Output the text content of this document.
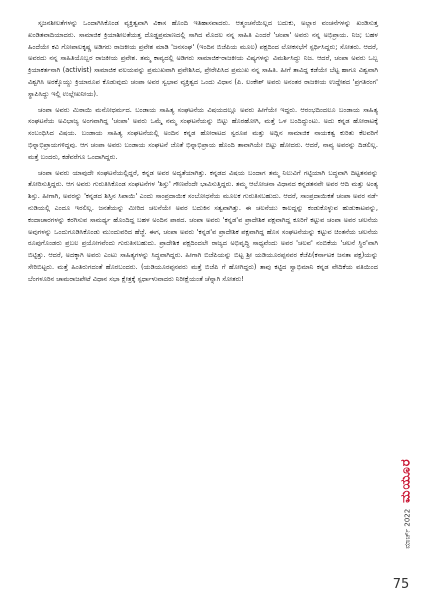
ಸೃಜನಶೀಲತೆಗಳನ್ನು ಒಂದಾಗಿಸಿಕೊಂಡ ವ್ಯಕ್ತಿತ್ವವಾಗಿ ವಿಕಾಸ ಹೊಂದಿ ಇತಿಹಾಸವಾದರು. ಆತ್ಮಂಚನೆಯಿಲ್ಲದ ಬದುಕು, ಅಲ್ಲಾರ ವಂಚನೆಗಳನ್ನು ಖಂಡಿಸುತ್ತ ಖಂಡಿತವಾದಿಯಾದರು. ಸಾಮಾಜಿಕ ಕ್ರಿಯಾಶೀಲತೆಯತ್ತ ದೊಡ್ಡಪ್ರಮಾಣದಲ್ಲಿ ಸಾಗಿದ ಮೊದಲ ನನ್ನ ಸಾಹಿತಿ ಎಂದರೆ 'ಚಂಪಾ' ಅವರು ನನ್ನ ಅಭಿಪ್ರಾಯ. ನಿಜ; ಬಹಳ ಹಿಂದೆಯೇ ಕವಿ ಗೋಪಾಲಕೃಷ್ಣ ಅಡಿಗರು ರಾಜಕೀಯ ಪ್ರವೇಶ ಮಾಡಿ 'ಜನಸಂಘ' (ಇಂದಿನ ಬಿಜೆಪಿಯ ಮೂಲ) ಪಕ್ಷದಿಂದ ಲೋಕಸಭೆಗೆ ಸ್ಪರ್ಧಿಸಿದ್ದರು; ಸೋತರು. ಆದರೆ, ಅವರದು ನನ್ನ ಸಾಹಿತಿಯೊಬ್ಬರ ರಾಜಕೀಯ ಪ್ರವೇಶ. ತಮ್ಮ ಕಾವ್ಯದಲ್ಲಿ ಅಡಿಗರು ಸಾಮಾಜಿಕ-ರಾಜಕೀಯ ವಿಷ್ಯಗಳನ್ನು ವಿಮರ್ಶಿಸಿದ್ದು ನಿಜ. ಆದರೆ, ಚಂಪಾ ಅವರು ಒಬ್ಬ ಕ್ರಿಯಾಕರ್ತನಾಗಿ (activist) ಸಾಮಾಜಿಕ ವಲಯವನ್ನು ಪ್ರಮುಖವಾಗಿ ಪ್ರವೇಶಿಸಿದ, ಪ್ರೇರೇಪಿಸಿದ ಪ್ರಮುಖ ನನ್ನ ಸಾಹಿತಿ. ಹೀಗೆ ತಾವಿದ್ದ ಕಡೆಯೇ ಬೆಟ್ಟ ಹಾಗೂ ವಿಶ್ವವಾಗಿ ವಿಶ್ವಗಿಸಿ ಅರಕ್ಕೊಯ್ದು ಕ್ರಿಯಾರೂಪ ಕೊಡುವುದು ಚಂಪಾ ಅವರ ಸ್ವಭಾವ ವ್ಯಕ್ತಿತ್ವದ ಒಂದು ವಿಧಾನ (ಪಿ. ಲಂಕೇಶ್ ಅವರು ಅನಂತರ ರಾಜಕೀಯ ಉದ್ದೇಶದ 'ಪ್ರಗತಿರಂಗ' ಸ್ಥಾಪಿಸಿದ್ದು ಇಲ್ಲಿ ಉಲ್ಲೇಖನೀಯ).

ಚಂಪಾ ಅವರು ಮಿಠಾಯಿ ಮನೋಧರ್ಮದ. ಬಂಡಾಯ ಸಾಹಿತ್ಯ ಸಂಘಟನೆಯ ವಿಷಯದಲ್ಲೂ ಅವರು ಹೀಗೆಯೇ ಇದ್ದರು. ಆರಂಭದಿಂದಲೂ ಬಂಡಾಯ ಸಾಹಿತ್ಯ ಸಂಘಟನೆಯ ಅವಿಭಾಜ್ಯ ಅಂಗವಾಗಿದ್ದ 'ಚಂಪಾ' ಅವರು ಒಮ್ಮೆ ನಮ್ಮ ಸಂಘಟನೆಯನ್ನು ಬಿಟ್ಟು ಹೊರಹೋಗಿ, ಮತ್ತೆ ಒಳ ಬಂದಿದ್ದುಂಟು. ಅದು ಕನ್ನಡ ಹೋರಾಟಕ್ಕೆ ಸಂಬಂಧಿಸಿದ ವಿಷಯ. ಬಂಡಾಯ ಸಾಹಿತ್ಯ ಸಂಘಟನೆಯಲ್ಲಿ ಅಂದಿನ ಕನ್ನಡ ಹೋರಾಟದ ಸ್ವರೂಪ ಮತ್ತು ಅದ್ಲಿನ ಸಾಮಾಜಿಕ ನಾಯಕತ್ವ ಕುರಿತು ಕೆಲವರಿಗೆ ಭಿನ್ನಾಭಿಪ್ರಾಯಗಳಿದ್ದವು. ಆಗ ಚಂಪಾ ಅವರು ಬಂಡಾಯ ಸಂಘಟನೆ ಜೊತೆ ಭಿನ್ನಾಭಿಪ್ರಾಯ ಹೊಂದಿ ತಾವಾಗಿಯೇ ಬಿಟ್ಟು ಹೋದರು. ಆದರೆ, ನಾವ್ಯ ಅವರನ್ನು ದಿಡಲಿಲ್ಲ. ಮತ್ತೆ ಬಂದರು, ಕಡೆವರೆಗೂ ಒಂದಾಗಿದ್ದರು.

ಚಂಪಾ ಅವರು ಯಾವುದೇ ಸಂಘಟನೆಯಲ್ಲಿದ್ದರೆ, ಕನ್ನಡ ಅವರ ಅದ್ಯತೆಯಾಗಿತ್ತು. ಕನ್ನಡದ ವಿಷಯ ಬಂದಾಗ ತಮ್ಮ ನಿಲುವಿಗೆ ಗಟ್ಟಿಯಾಗಿ ಬದ್ಧವಾಗಿ ದಿಟ್ಟತನವನ್ನು ತೋರಿಸುತ್ತಿದ್ದರು. ಆಗ ಅವರು ಗುರುತಿಸಿಕೊಂಡ ಸಂಘಟನೆಗಳ 'ಶಿಸ್ತು' ಗೌಣವೆಂದೇ ಭಾವಿಸುತ್ತಿದ್ದರು. ತಮ್ಮ ಆಲೋಚನಾ ವಿಧಾನದ ಕನ್ನಡತನವೇ ಅವರ ಆದಿ ಮತ್ತು ಅಂತ್ಯ ಶಿಸ್ತು. ಹೀಗಾಗಿ, ಅವರನ್ನು 'ಕನ್ನಡದ ಶಿಸ್ತಿನ ಸಿಪಾಯಿ' ಎಂದು ಸಾಂಪ್ರದಾಯಿಕ ಸಂಬೋಧನೆಯ ಮೂಲಕ ಗುರುತಿಸಬಹುದು. ಆದರೆ, ಸಾಂಪ್ರದಾಯಿಕತೆ ಚಂಪಾ ಅವರ ನಡೆ-ನುಡಿಯಲ್ಲಿ ಎಂದೂ ಇರಲಿಲ್ಲ. ಜನತೆಯನ್ನು ಮೀರಿದ ಚಲನೆಯೇ ಅವರ ಬದುಕಿನ ಸತ್ವವಾಗಿತ್ತು. ಈ ಚಲನೆಯು ಕಾಲದ್ದನ್ನು ಕಂಡುಕೊಳ್ಳುವ ಹುಡುಕಾಟವನ್ನು, ಕಂದಾಚಾರಗಳನ್ನು ಕರಗಿಸುವ ಸಾಮರ್ಥ್ಯ ಹೊಂದಿದ್ದ ಬಹಳ ಅಂದಿನ ಪಾಠದ. ಚಂಪಾ ಅವರು 'ಕನ್ನಡ'ವ ಪ್ರಾದೇಶಿಕ ಪಕ್ಷವಾಗಿದ್ದ ಕೂರಿಗೆ ಕಟ್ಟುವ ಚಂಪಾ ಅವರ ಚಲನೆಯ ಅವುಗಳನ್ನು ಒಂದುಗೂಡಿಸಿಕೊಂಡು ಮುಂದುವರಿದ ಹೆಜ್ಜೆ. ಈಗ, ಚಂಪಾ ಅವರು 'ಕನ್ನಡ'ವ ಪ್ರಾದೇಶಿಕ ಪಕ್ಷವಾಗಿದ್ದ ಹೊಸ ಸಂಘಟನೆಯನ್ನು ಕಟ್ಟುವ ಚಿಂತನೆಯ ಚಲನೆಯ ರೂಪುಗೊಂಡರು ಪ್ರಬಲ ಪ್ರಯೋಗವೆಂದು ಗುರುತಿಸಬಹುದು. ಪ್ರಾದೇಶಿಕ ಪಕ್ಷದಿಂದಲೇ ರಾಜ್ಯದ ಅಭಿವೃದ್ಧಿ ಸಾಧ್ಯವೆಂದು ಅವರ 'ಚಲವ' ನಂಬಿಕೆಯ 'ಚಲನೆ ಸ್ಥಿರ'ವಾಗಿ ಬಿಟ್ಟಿತ್ತು. ಆದರೆ, ಅದಕ್ಕಾಗಿ ಅವರು ಎಂಟು ಸಾಹಿತ್ಯಗಳನ್ನು ಸಿದ್ಧವಾಗಿದ್ದರು. ಹೀಗಾಗಿ ಬಿಜೆಪಿಯನ್ನು ಬಿಟ್ಟ ಶ್ರೀ ಯಡಿಯೂರಪ್ಪನವರ ಕೆಜೆಪಿ(ಕರ್ನಾಟಕ ಜನತಾ ಪಕ್ಷ)ಯನ್ನು ಸೇರಿಬಿಟ್ಟರು. ಮತ್ತೆ ಹಿಂತಿರುಗದಂತೆ ಹೊರಬಂದರು. (ಯಡಿಯೂರಪ್ಪನವರು ಮತ್ತೆ ಬಿಜೆಪಿ ಗೆ ಹೋಗಿದ್ದರು) ತಾವು ಕಟ್ಟಿದ ಸ್ವಾಭಿಮಾನಿ ಕನ್ನಡ ವೇದಿಕೆಯ ವತಿಯಿಂದ ಬೆಂಗಳೂರಿನ ಚಾಮರಾಜಪೇಟೆ ವಿಧಾನ ಸಭಾ ಕ್ಷೇತ್ರಕ್ಕೆ ಸ್ಪರ್ಧಾಳುವಾದರು ನಿರೀಕ್ಷೆಯಂತೆ ಚೆನ್ನಾಗಿ ಸೋತರು!

ಮಾರ್ಚ್ 2022
ಮಯೂರ
75
